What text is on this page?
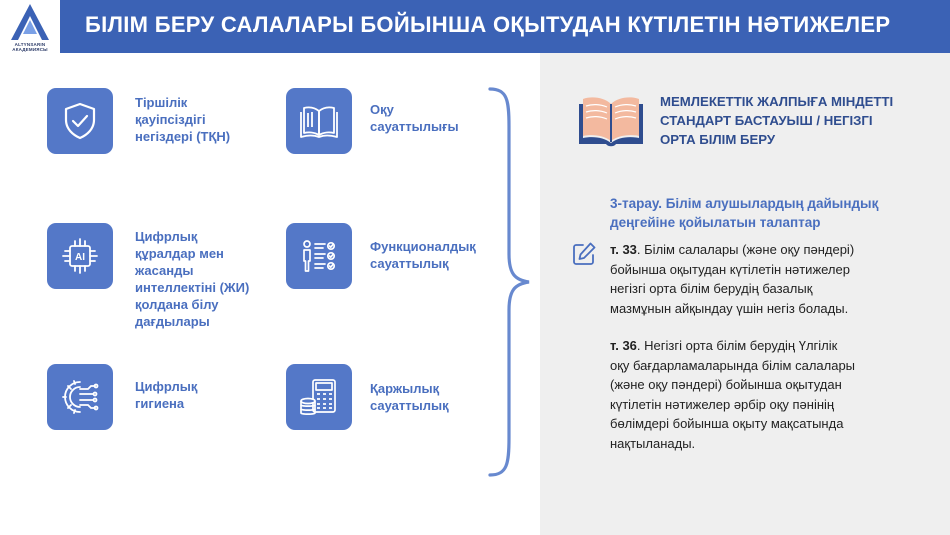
ALTYNSARIN
АКАДЕМИЯСЫ
БІЛІМ БЕРУ САЛАЛАРЫ БОЙЫНША ОҚЫТУДАН КҮТІЛЕТІН НӘТИЖЕЛЕР
Тіршілік
қауіпсіздігі
негіздері (ТҚН)
Оқу
сауаттылығы
AI
Цифрлық
құралдар мен
жасанды
интеллектіні (ЖИ)
қолдана білу
дағдылары
Функционалдық
сауаттылық
Цифрлық
гигиена
Қаржылық
сауаттылық
МЕМЛЕКЕТТІК ЖАЛПЫҒА МІНДЕТТІ
СТАНДАРТ БАСТАУЫШ / НЕГІЗГІ
ОРТА БІЛІМ БЕРУ
3-тарау. Білім алушылардың дайындық
деңгейіне қойылатын талаптар
т. 33. Білім салалары (және оқу пәндері)
бойынша оқытудан күтілетін нәтижелер
негізгі орта білім берудің базалық
мазмұнын айқындау үшін негіз болады.
т. 36. Негізгі орта білім берудің Үлгілік
оқу бағдарламаларында білім салалары
(және оқу пәндері) бойынша оқытудан
күтілетін нәтижелер әрбір оқу пәнінің
бөлімдері бойынша оқыту мақсатында
нақтыланады.
